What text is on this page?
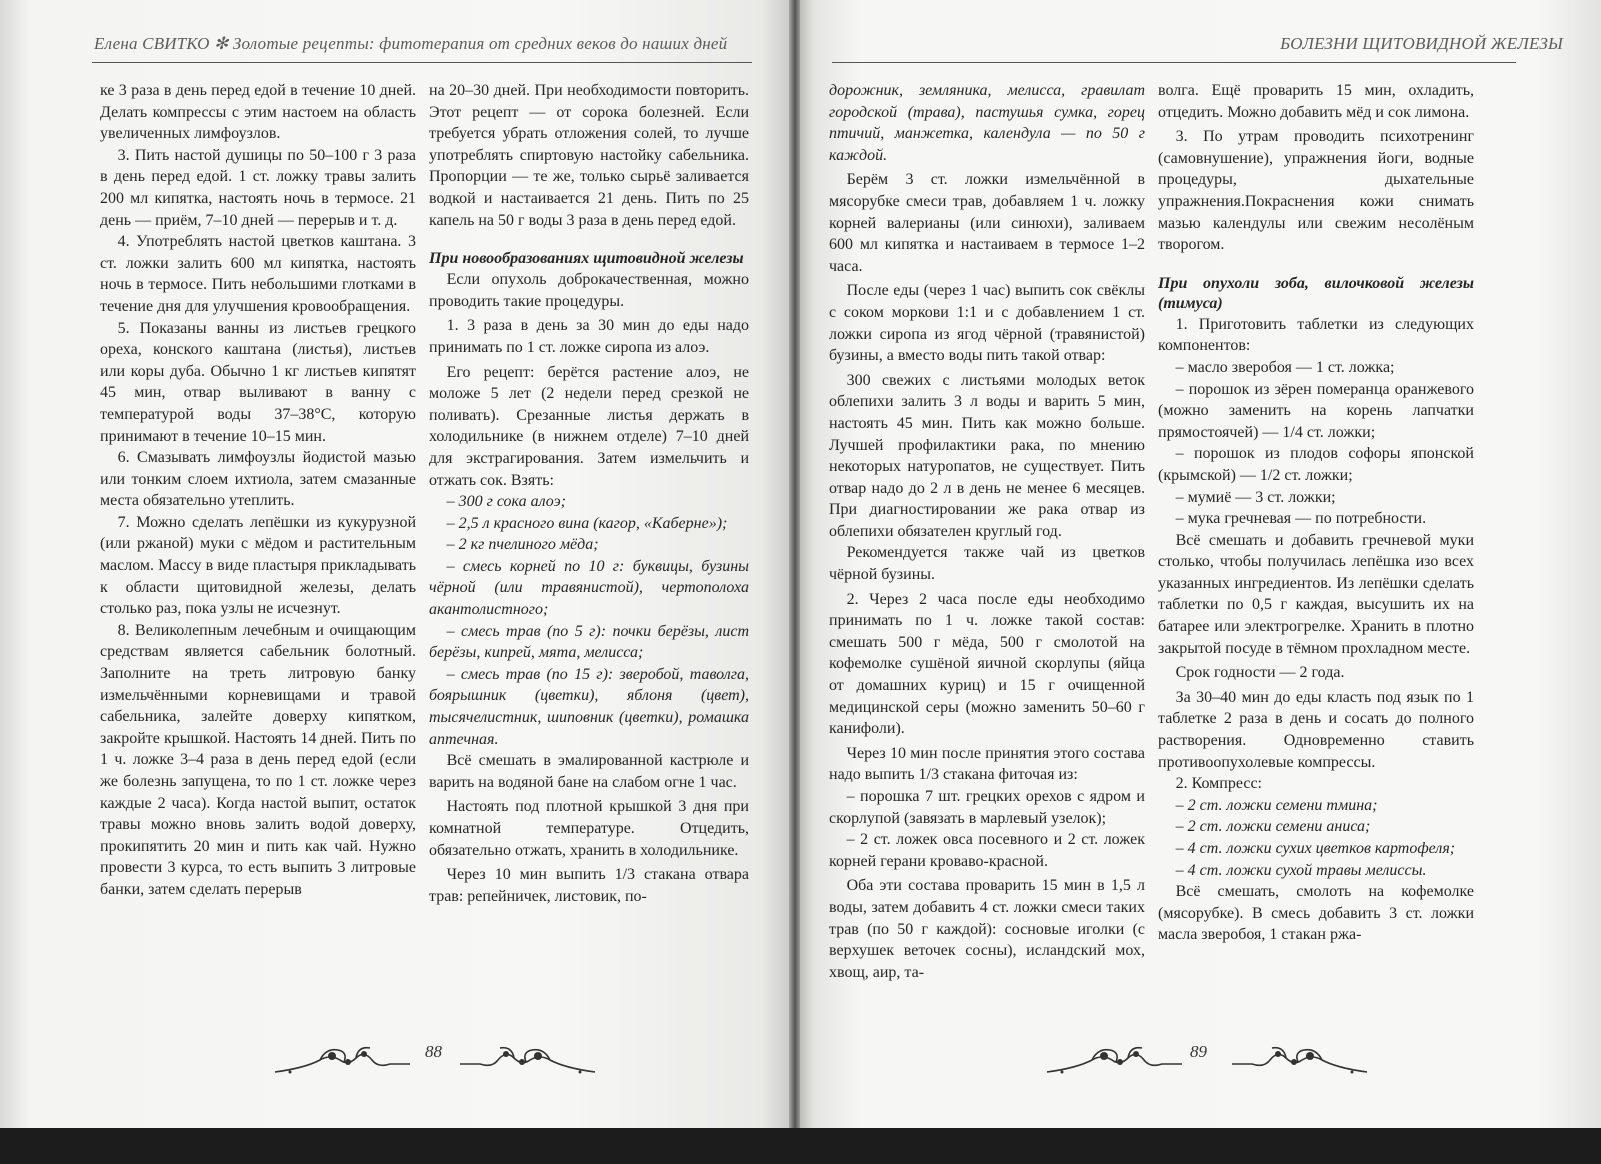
Елена СВИТКО ✻ Золотые рецепты: фитотерапия от средних веков до наших дней

ке 3 раза в день перед едой в течение 10 дней. Делать компрессы с этим настоем на область увеличенных лимфоузлов.

3. Пить настой душицы по 50–100 г 3 раза в день перед едой. 1 ст. ложку травы залить 200 мл кипятка, настоять ночь в термосе. 21 день — приём, 7–10 дней — перерыв и т. д.

4. Употреблять настой цветков каштана. 3 ст. ложки залить 600 мл кипятка, настоять ночь в термосе. Пить небольшими глотками в течение дня для улучшения кровообращения.

5. Показаны ванны из листьев грецкого ореха, конского каштана (листья), листьев или коры дуба. Обычно 1 кг листьев кипятят 45 мин, отвар выливают в ванну с температурой воды 37–38°С, которую принимают в течение 10–15 мин.

6. Смазывать лимфоузлы йодистой мазью или тонким слоем ихтиола, затем смазанные места обязательно утеплить.

7. Можно сделать лепёшки из кукурузной (или ржаной) муки с мёдом и растительным маслом. Массу в виде пластыря прикладывать к области щитовидной железы, делать столько раз, пока узлы не исчезнут.

8. Великолепным лечебным и очищающим средствам является сабельник болотный. Заполните на треть литровую банку измельчёнными корневищами и травой сабельника, залейте доверху кипятком, закройте крышкой. Настоять 14 дней. Пить по 1 ч. ложке 3–4 раза в день перед едой (если же болезнь запущена, то по 1 ст. ложке через каждые 2 часа). Когда настой выпит, остаток травы можно вновь залить водой доверху, прокипятить 20 мин и пить как чай. Нужно провести 3 курса, то есть выпить 3 литровые банки, затем сделать перерыв

на 20–30 дней. При необходимости повторить. Этот рецепт — от сорока болезней. Если требуется убрать отложения солей, то лучше употреблять спиртовую настойку сабельника. Пропорции — те же, только сырьё заливается водкой и настаивается 21 день. Пить по 25 капель на 50 г воды 3 раза в день перед едой.

При новообразованиях щитовидной железы

Если опухоль доброкачественная, можно проводить такие процедуры.

1. 3 раза в день за 30 мин до еды надо принимать по 1 ст. ложке сиропа из алоэ.

Его рецепт: берётся растение алоэ, не моложе 5 лет (2 недели перед срезкой не поливать). Срезанные листья держать в холодильнике (в нижнем отделе) 7–10 дней для экстрагирования. Затем измельчить и отжать сок. Взять:

– 300 г сока алоэ;

– 2,5 л красного вина (кагор, «Каберне»);

– 2 кг пчелиного мёда;

– смесь корней по 10 г: буквицы, бузины чёрной (или травянистой), чертополоха акантолистного;

– смесь трав (по 5 г): почки берёзы, лист берёзы, кипрей, мята, мелисса;

– смесь трав (по 15 г): зверобой, таволга, боярышник (цветки), яблоня (цвет), тысячелистник, шиповник (цветки), ромашка аптечная.

Всё смешать в эмалированной кастрюле и варить на водяной бане на слабом огне 1 час.

Настоять под плотной крышкой 3 дня при комнатной температуре. Отцедить, обязательно отжать, хранить в холодильнике.

Через 10 мин выпить 1/3 стакана отвара трав: репейничек, листовик, по-

88
БОЛЕЗНИ ЩИТОВИДНОЙ ЖЕЛЕЗЫ

дорожник, земляника, мелисса, гравилат городской (трава), пастушья сумка, горец птичий, манжетка, календула — по 50 г каждой.

Берём 3 ст. ложки измельчённой в мясорубке смеси трав, добавляем 1 ч. ложку корней валерианы (или синюхи), заливаем 600 мл кипятка и настаиваем в термосе 1–2 часа.

После еды (через 1 час) выпить сок свёклы с соком моркови 1:1 и с добавлением 1 ст. ложки сиропа из ягод чёрной (травянистой) бузины, а вместо воды пить такой отвар:

300 свежих с листьями молодых веток облепихи залить 3 л воды и варить 5 мин, настоять 45 мин. Пить как можно больше. Лучшей профилактики рака, по мнению некоторых натуропатов, не существует. Пить отвар надо до 2 л в день не менее 6 месяцев. При диагностировании же рака отвар из облепихи обязателен круглый год.

Рекомендуется также чай из цветков чёрной бузины.

2. Через 2 часа после еды необходимо принимать по 1 ч. ложке такой состав: смешать 500 г мёда, 500 г смолотой на кофемолке сушёной яичной скорлупы (яйца от домашних куриц) и 15 г очищенной медицинской серы (можно заменить 50–60 г канифоли).

Через 10 мин после принятия этого состава надо выпить 1/3 стакана фиточая из:

– порошка 7 шт. грецких орехов с ядром и скорлупой (завязать в марлевый узелок);

– 2 ст. ложек овса посевного и 2 ст. ложек корней герани кроваво-красной.

Оба эти состава проварить 15 мин в 1,5 л воды, затем добавить 4 ст. ложки смеси таких трав (по 50 г каждой): сосновые иголки (с верхушек веточек сосны), исландский мох, хвощ, аир, та-

волга. Ещё проварить 15 мин, охладить, отцедить. Можно добавить мёд и сок лимона.

3. По утрам проводить психотренинг (самовнушение), упражнения йоги, водные процедуры, дыхательные упражнения.Покраснения кожи снимать мазью календулы или свежим несолёным творогом.

При опухоли зоба, вилочковой железы (тимуса)

1. Приготовить таблетки из следующих компонентов:

– масло зверобоя — 1 ст. ложка;

– порошок из зёрен померанца оранжевого (можно заменить на корень лапчатки прямостоячей) — 1/4 ст. ложки;

– порошок из плодов софоры японской (крымской) — 1/2 ст. ложки;

– мумиё — 3 ст. ложки;

– мука гречневая — по потребности.

Всё смешать и добавить гречневой муки столько, чтобы получилась лепёшка изо всех указанных ингредиентов. Из лепёшки сделать таблетки по 0,5 г каждая, высушить их на батарее или электрогрелке. Хранить в плотно закрытой посуде в тёмном прохладном месте.

Срок годности — 2 года.

За 30–40 мин до еды класть под язык по 1 таблетке 2 раза в день и сосать до полного растворения. Одновременно ставить противоопухолевые компрессы.

2. Компресс:

– 2 ст. ложки семени тмина;

– 2 ст. ложки семени аниса;

– 4 ст. ложки сухих цветков картофеля;

– 4 ст. ложки сухой травы мелиссы.

Всё смешать, смолоть на кофемолке (мясорубке). В смесь добавить 3 ст. ложки масла зверобоя, 1 стакан ржа-

89
